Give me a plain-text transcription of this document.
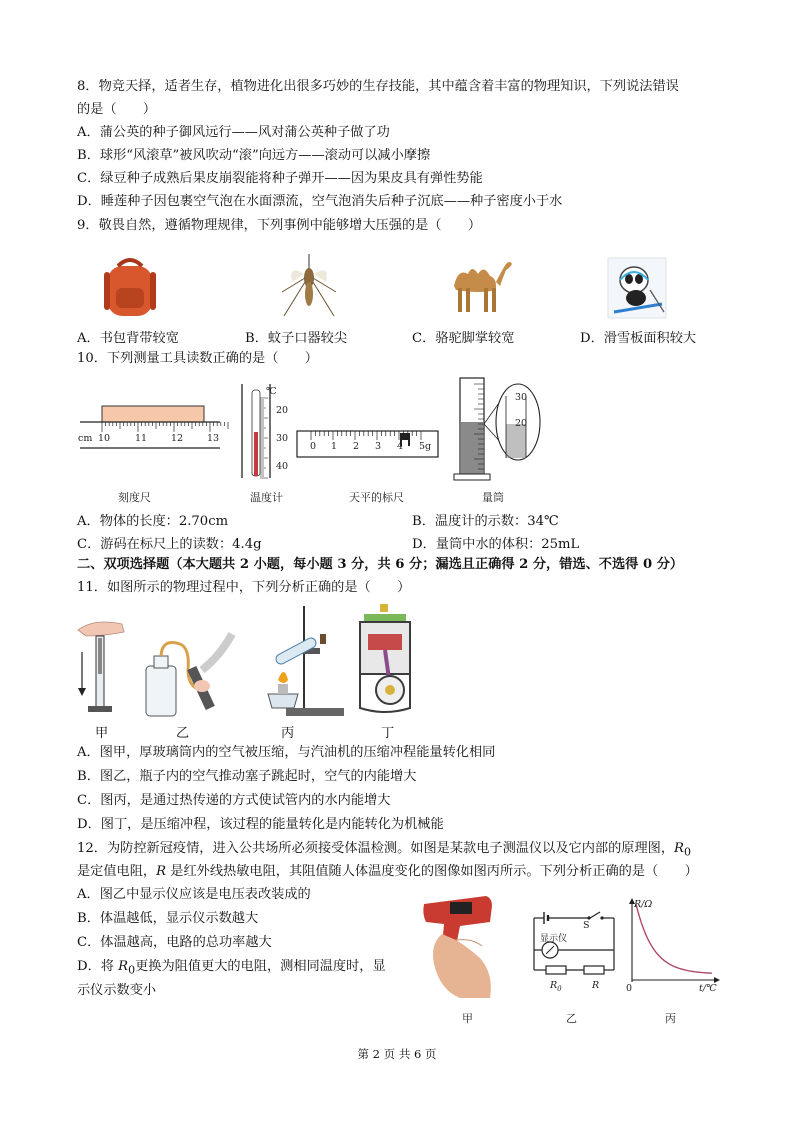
8．物竞天择，适者生存，植物进化出很多巧妙的生存技能，其中蕴含着丰富的物理知识，下列说法错误
的是（　　）
A．蒲公英的种子御风远行——风对蒲公英种子做了功
B．球形“风滚草”被风吹动“滚”向远方——滚动可以减小摩擦
C．绿豆种子成熟后果皮崩裂能将种子弹开——因为果皮具有弹性势能
D．睡莲种子因包裹空气泡在水面漂流，空气泡消失后种子沉底——种子密度小于水
9．敬畏自然，遵循物理规律，下列事例中能够增大压强的是（　　）
A．书包背带较宽	B．蚊子口器较尖	C．骆驼脚掌较宽	D．滑雪板面积较大
10．下列测量工具读数正确的是（　　）
cm 10	11	12	13
℃
20
30
40
0 1 2 3 4 5g
30
20
刻度尺	温度计	天平的标尺	量筒
A．物体的长度：2.70cm	B．温度计的示数：34℃
C．游码在标尺上的读数：4.4g	D．量筒中水的体积：25mL
二、双项选择题（本大题共 2 小题，每小题 3 分，共 6 分；漏选且正确得 2 分，错选、不选得 0 分）
11．如图所示的物理过程中，下列分析正确的是（　　）
甲	乙	丙	丁
A．图甲，厚玻璃筒内的空气被压缩，与汽油机的压缩冲程能量转化相同
B．图乙，瓶子内的空气推动塞子跳起时，空气的内能增大
C．图丙，是通过热传递的方式使试管内的水内能增大
D．图丁，是压缩冲程，该过程的能量转化是内能转化为机械能
12．为防控新冠疫情，进入公共场所必须接受体温检测。如图是某款电子测温仪以及它内部的原理图，$R_0$
是定值电阻，R 是红外线热敏电阻，其阻值随人体温度变化的图像如图丙所示。下列分析正确的是（　　）
A．图乙中显示仪应该是电压表改装成的
B．体温越低，显示仪示数越大
C．体温越高，电路的总功率越大
D．将 $R_0$更换为阻值更大的电阻，测相同温度时，显
示仪示数变小
显示仪
S
$R_0$	R
R/Ω
t/℃
0
甲	乙	丙
第 2 页 共 6 页
